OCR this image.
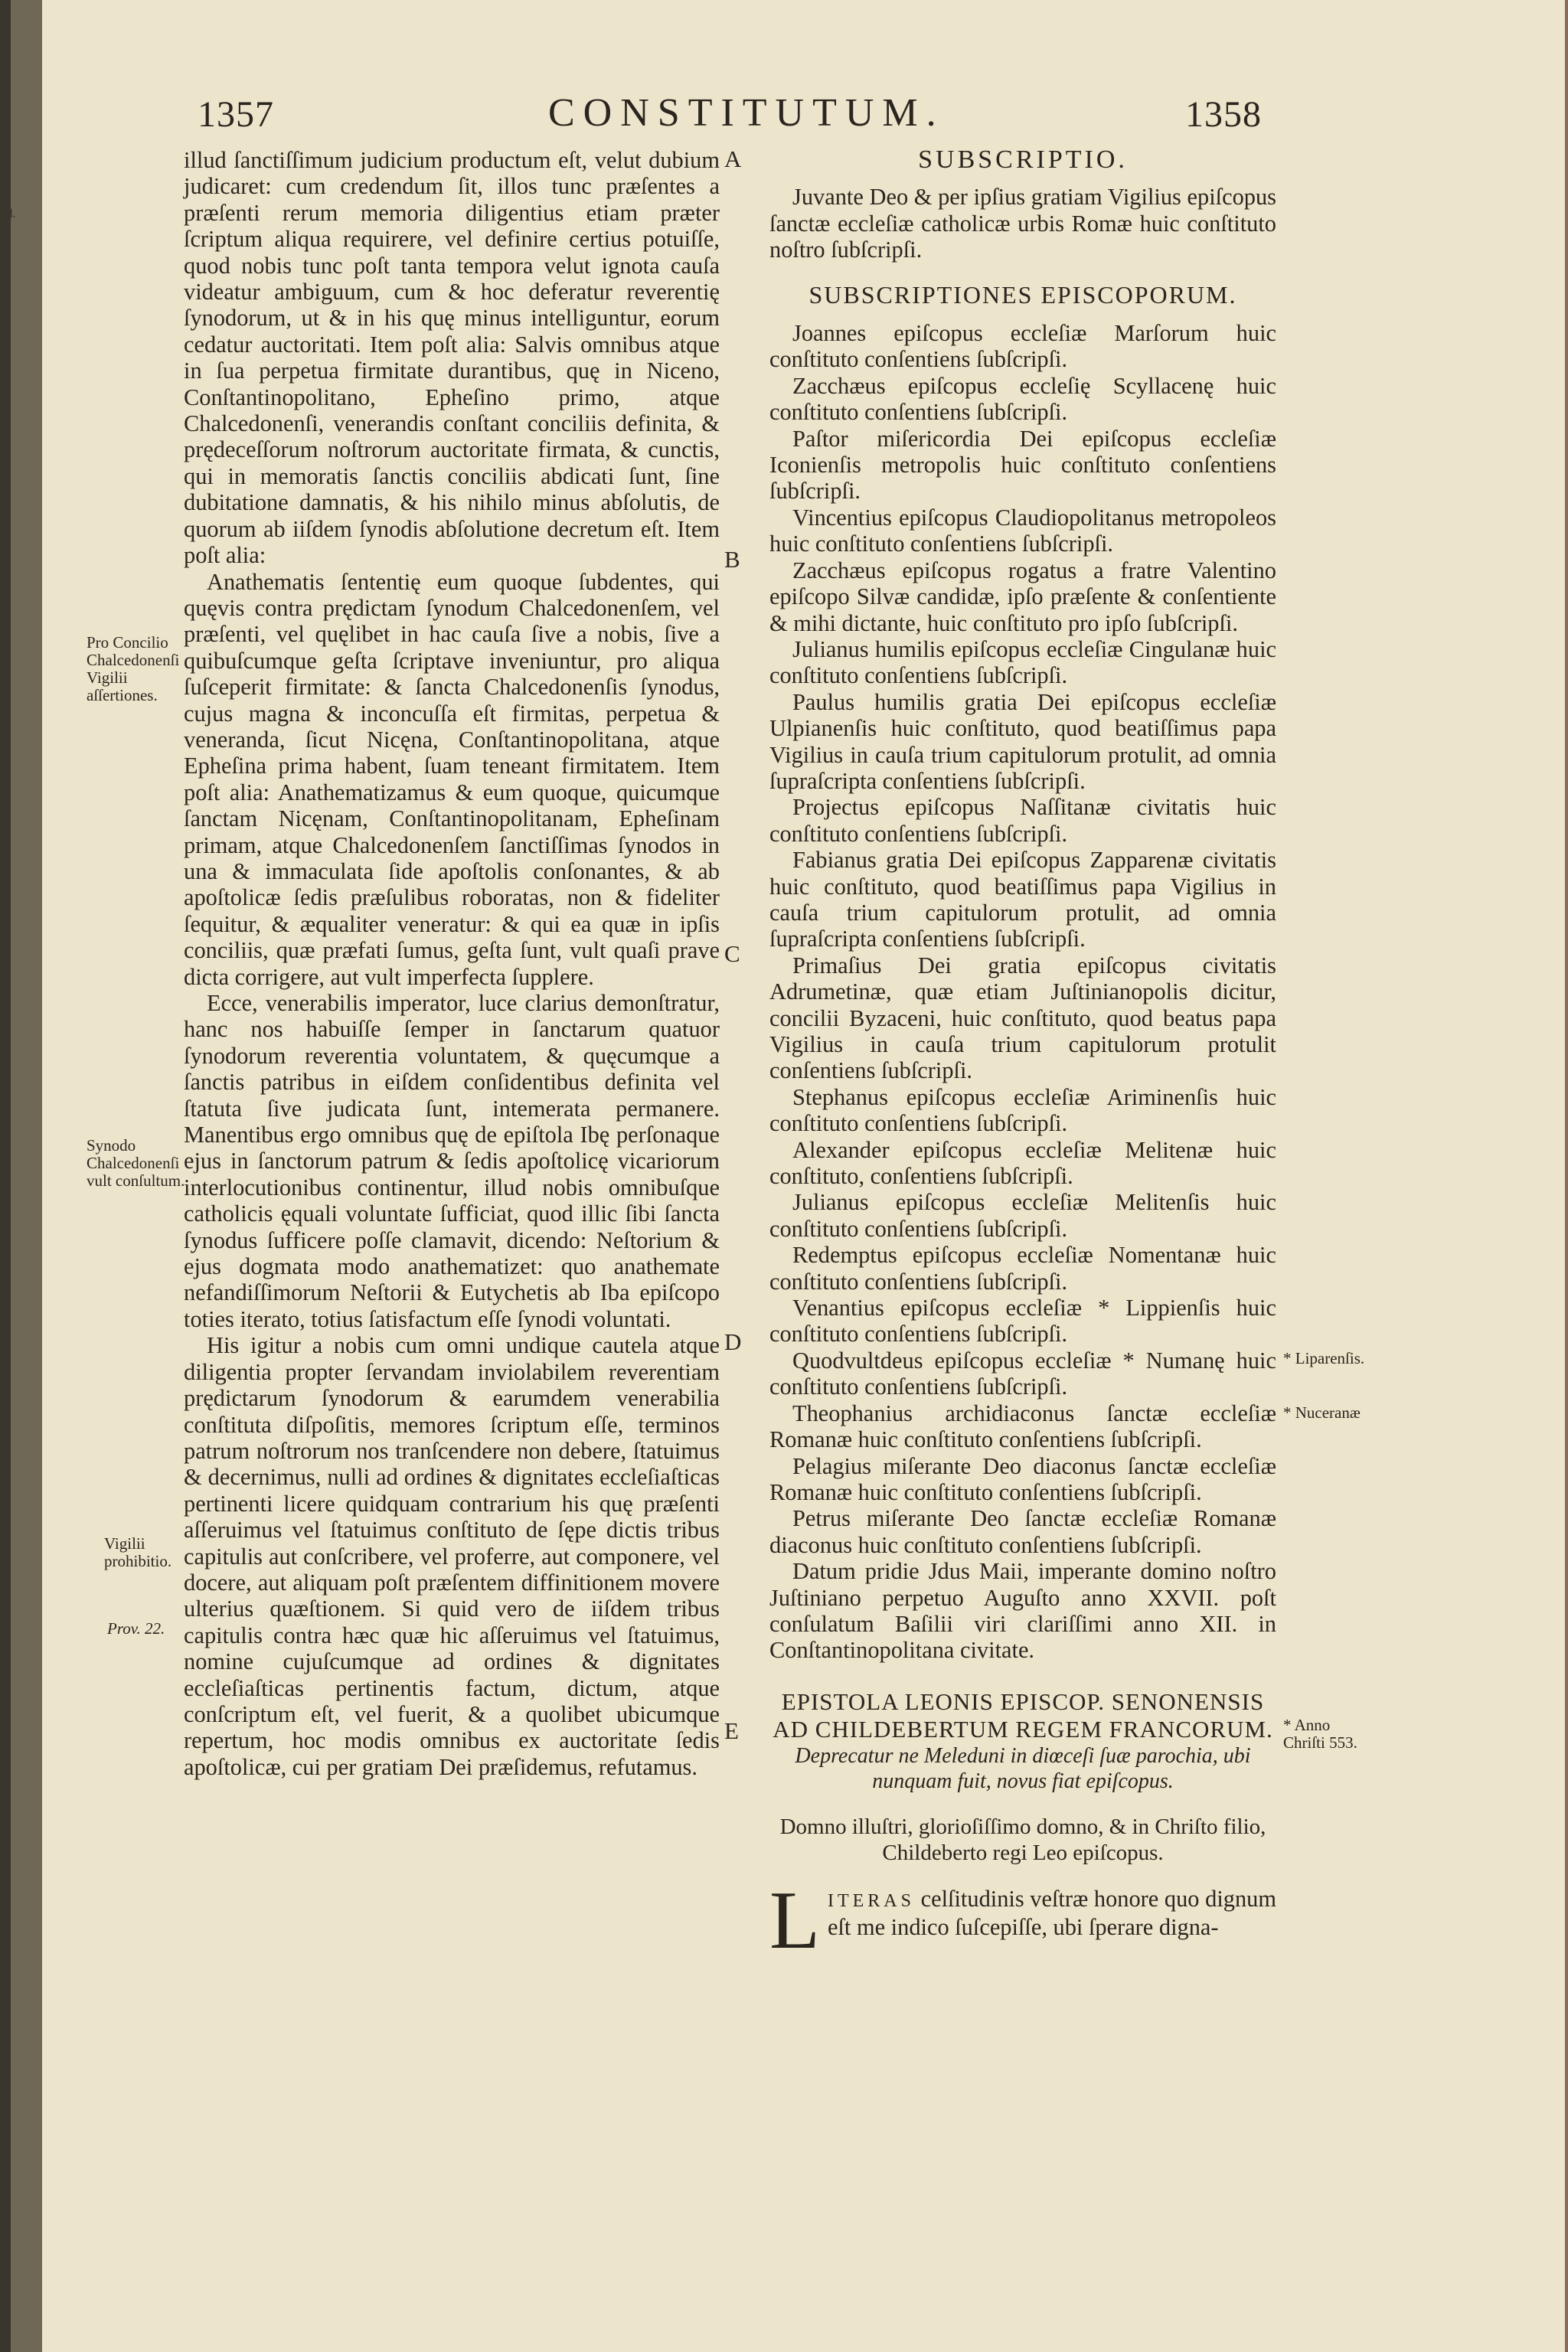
ıd.
1357	CONSTITUTUM.	1358

illud ſanctiſſimum judicium productum eſt, velut dubium judicaret: cum credendum ſit, illos tunc præſentes a præſenti rerum memoria diligentius etiam præter ſcriptum aliqua requirere, vel definire certius potuiſſe, quod nobis tunc poſt tanta tempora velut ignota cauſa videatur ambiguum, cum & hoc deferatur reverentię ſynodorum, ut & in his quę minus intelliguntur, eorum cedatur auctoritati. Item poſt alia: Salvis omnibus atque in ſua perpetua firmitate durantibus, quę in Niceno, Conſtantinopolitano, Epheſino primo, atque Chalcedonenſi, venerandis conſtant conciliis definita, & prędeceſſorum noſtrorum auctoritate firmata, & cunctis, qui in memoratis ſanctis conciliis abdicati ſunt, ſine dubitatione damnatis, & his nihilo minus abſolutis, de quorum ab iiſdem ſynodis abſolutione decretum eſt. Item poſt alia:

Anathematis ſententię eum quoque ſubdentes, qui quęvis contra prędictam ſynodum Chalcedonenſem, vel præſenti, vel quęlibet in hac cauſa ſive a nobis, ſive a quibuſcumque geſta ſcriptave inveniuntur, pro aliqua ſuſceperit firmitate: & ſancta Chalcedonenſis ſynodus, cujus magna & inconcuſſa eſt firmitas, perpetua & veneranda, ſicut Nicęna, Conſtantinopolitana, atque Epheſina prima habent, ſuam teneant firmitatem. Item poſt alia: Anathematizamus & eum quoque, quicumque ſanctam Nicęnam, Conſtantinopolitanam, Epheſinam primam, atque Chalcedonenſem ſanctiſſimas ſynodos in una & immaculata ſide apoſtolis conſonantes, & ab apoſtolicæ ſedis præſulibus roboratas, non & fideliter ſequitur, & æqualiter veneratur: & qui ea quæ in ipſis conciliis, quæ præfati ſumus, geſta ſunt, vult quaſi prave dicta corrigere, aut vult imperfecta ſupplere.

Ecce, venerabilis imperator, luce clarius demonſtratur, hanc nos habuiſſe ſemper in ſanctarum quatuor ſynodorum reverentia voluntatem, & quęcumque a ſanctis patribus in eiſdem conſidentibus definita vel ſtatuta ſive judicata ſunt, intemerata permanere. Manentibus ergo omnibus quę de epiſtola Ibę perſonaque ejus in ſanctorum patrum & ſedis apoſtolicę vicariorum interlocutionibus continentur, illud nobis omnibuſque catholicis ęquali voluntate ſufficiat, quod illic ſibi ſancta ſynodus ſufficere poſſe clamavit, dicendo: Neſtorium & ejus dogmata modo anathematizet: quo anathemate nefandiſſimorum Neſtorii & Eutychetis ab Iba epiſcopo toties iterato, totius ſatisfactum eſſe ſynodi voluntati.

His igitur a nobis cum omni undique cautela atque diligentia propter ſervandam inviolabilem reverentiam prędictarum ſynodorum & earumdem venerabilia conſtituta diſpoſitis, memores ſcriptum eſſe, terminos patrum noſtrorum nos tranſcendere non debere, ſtatuimus & decernimus, nulli ad ordines & dignitates eccleſiaſticas pertinenti licere quidquam contrarium his quę præſenti aſſeruimus vel ſtatuimus conſtituto de ſępe dictis tribus capitulis aut conſcribere, vel proferre, aut componere, vel docere, aut aliquam poſt præſentem diffinitionem movere ulterius quæſtionem. Si quid vero de iiſdem tribus capitulis contra hæc quæ hic aſſeruimus vel ſtatuimus, nomine cujuſcumque ad ordines & dignitates eccleſiaſticas pertinentis factum, dictum, atque conſcriptum eſt, vel fuerit, & a quolibet ubicumque repertum, hoc modis omnibus ex auctoritate ſedis apoſtolicæ, cui per gratiam Dei præſidemus, refutamus.

SUBSCRIPTIO.

Juvante Deo & per ipſius gratiam Vigilius epiſcopus ſanctæ eccleſiæ catholicæ urbis Romæ huic conſtituto noſtro ſubſcripſi.

SUBSCRIPTIONES EPISCOPORUM.

Joannes epiſcopus eccleſiæ Marſorum huic conſtituto conſentiens ſubſcripſi.

Zacchæus epiſcopus eccleſię Scyllacenę huic conſtituto conſentiens ſubſcripſi.

Paſtor miſericordia Dei epiſcopus eccleſiæ Iconienſis metropolis huic conſtituto conſentiens ſubſcripſi.

Vincentius epiſcopus Claudiopolitanus metropoleos huic conſtituto conſentiens ſubſcripſi.

Zacchæus epiſcopus rogatus a fratre Valentino epiſcopo Silvæ candidæ, ipſo præſente & conſentiente & mihi dictante, huic conſtituto pro ipſo ſubſcripſi.

Julianus humilis epiſcopus eccleſiæ Cingulanæ huic conſtituto conſentiens ſubſcripſi.

Paulus humilis gratia Dei epiſcopus eccleſiæ Ulpianenſis huic conſtituto, quod beatiſſimus papa Vigilius in cauſa trium capitulorum protulit, ad omnia ſupraſcripta conſentiens ſubſcripſi.

Projectus epiſcopus Naſſitanæ civitatis huic conſtituto conſentiens ſubſcripſi.

Fabianus gratia Dei epiſcopus Zapparenæ civitatis huic conſtituto, quod beatiſſimus papa Vigilius in cauſa trium capitulorum protulit, ad omnia ſupraſcripta conſentiens ſubſcripſi.

Primaſius Dei gratia epiſcopus civitatis Adrumetinæ, quæ etiam Juſtinianopolis dicitur, concilii Byzaceni, huic conſtituto, quod beatus papa Vigilius in cauſa trium capitulorum protulit conſentiens ſubſcripſi.

Stephanus epiſcopus eccleſiæ Ariminenſis huic conſtituto conſentiens ſubſcripſi.

Alexander epiſcopus eccleſiæ Melitenæ huic conſtituto, conſentiens ſubſcripſi.

Julianus epiſcopus eccleſiæ Melitenſis huic conſtituto conſentiens ſubſcripſi.

Redemptus epiſcopus eccleſiæ Nomentanæ huic conſtituto conſentiens ſubſcripſi.

Venantius epiſcopus eccleſiæ * Lippienſis huic conſtituto conſentiens ſubſcripſi.

Quodvultdeus epiſcopus eccleſiæ * Numanę huic conſtituto conſentiens ſubſcripſi.

Theophanius archidiaconus ſanctæ eccleſiæ Romanæ huic conſtituto conſentiens ſubſcripſi.

Pelagius miſerante Deo diaconus ſanctæ eccleſiæ Romanæ huic conſtituto conſentiens ſubſcripſi.

Petrus miſerante Deo ſanctæ eccleſiæ Romanæ diaconus huic conſtituto conſentiens ſubſcripſi.

Datum pridie Jdus Maii, imperante domino noſtro Juſtiniano perpetuo Auguſto anno XXVII. poſt conſulatum Baſilii viri clariſſimi anno XII. in Conſtantinopolitana civitate.

EPISTOLA LEONIS EPISCOP. SENONENSIS AD CHILDEBERTUM REGEM FRANCORUM.
Deprecatur ne Meleduni in diœceſi ſuæ parochia, ubi nunquam fuit, novus fiat epiſcopus.
Domno illuſtri, glorioſiſſimo domno, & in Chriſto filio, Childeberto regi Leo epiſcopus.

LITERAS celſitudinis veſtræ honore quo dignum eſt me indico ſuſcepiſſe, ubi ſperare digna-

A
B
C
D
E
Pro Concilio Chalcedonenſi Vigilii aſſertiones.
Synodo Chalcedonenſi vult conſultum.
Vigilii prohibitio.
Prov. 22.
* Liparenſis.
* Nuceranæ
* Anno Chriſti 553.
